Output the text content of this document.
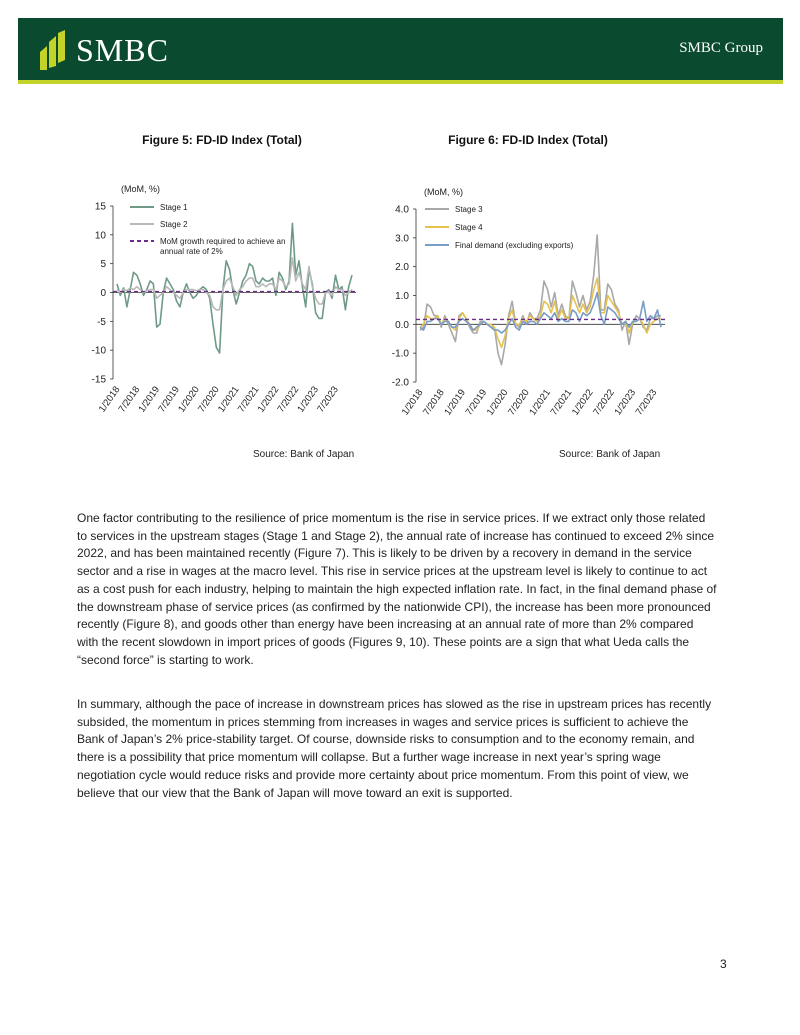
SMBC	SMBC Group
Figure 5: FD-ID Index (Total)	Figure 6: FD-ID Index (Total)
(MoM, %)
15
10
5
0
-5
-10
-15
1/2018
7/2018
1/2019
7/2019
1/2020
7/2020
1/2021
7/2021
1/2022
7/2022
1/2023
7/2023
Stage 1
Stage 2
MoM growth required to achieve an annual rate of 2%
(MoM, %)
4.0
3.0
2.0
1.0
0.0
-1.0
-2.0
1/2018
7/2018
1/2019
7/2019
1/2020
7/2020
1/2021
7/2021
1/2022
7/2022
1/2023
7/2023
Stage 3
Stage 4
Final demand (excluding exports)
Source: Bank of Japan	Source: Bank of Japan

One factor contributing to the resilience of price momentum is the rise in service prices. If we extract only those related to services in the upstream stages (Stage 1 and Stage 2), the annual rate of increase has continued to exceed 2% since 2022, and has been maintained recently (Figure 7). This is likely to be driven by a recovery in demand in the service sector and a rise in wages at the macro level. This rise in service prices at the upstream level is likely to continue to act as a cost push for each industry, helping to maintain the high expected inflation rate. In fact, in the final demand phase of the downstream phase of service prices (as confirmed by the nationwide CPI), the increase has been more pronounced recently (Figure 8), and goods other than energy have been increasing at an annual rate of more than 2% compared with the recent slowdown in import prices of goods (Figures 9, 10). These points are a sign that what Ueda calls the “second force” is starting to work.

In summary, although the pace of increase in downstream prices has slowed as the rise in upstream prices has recently subsided, the momentum in prices stemming from increases in wages and service prices is sufficient to achieve the Bank of Japan’s 2% price-stability target. Of course, downside risks to consumption and to the economy remain, and there is a possibility that price momentum will collapse. But a further wage increase in next year’s spring wage negotiation cycle would reduce risks and provide more certainty about price momentum. From this point of view, we believe that our view that the Bank of Japan will move toward an exit is supported.

3
